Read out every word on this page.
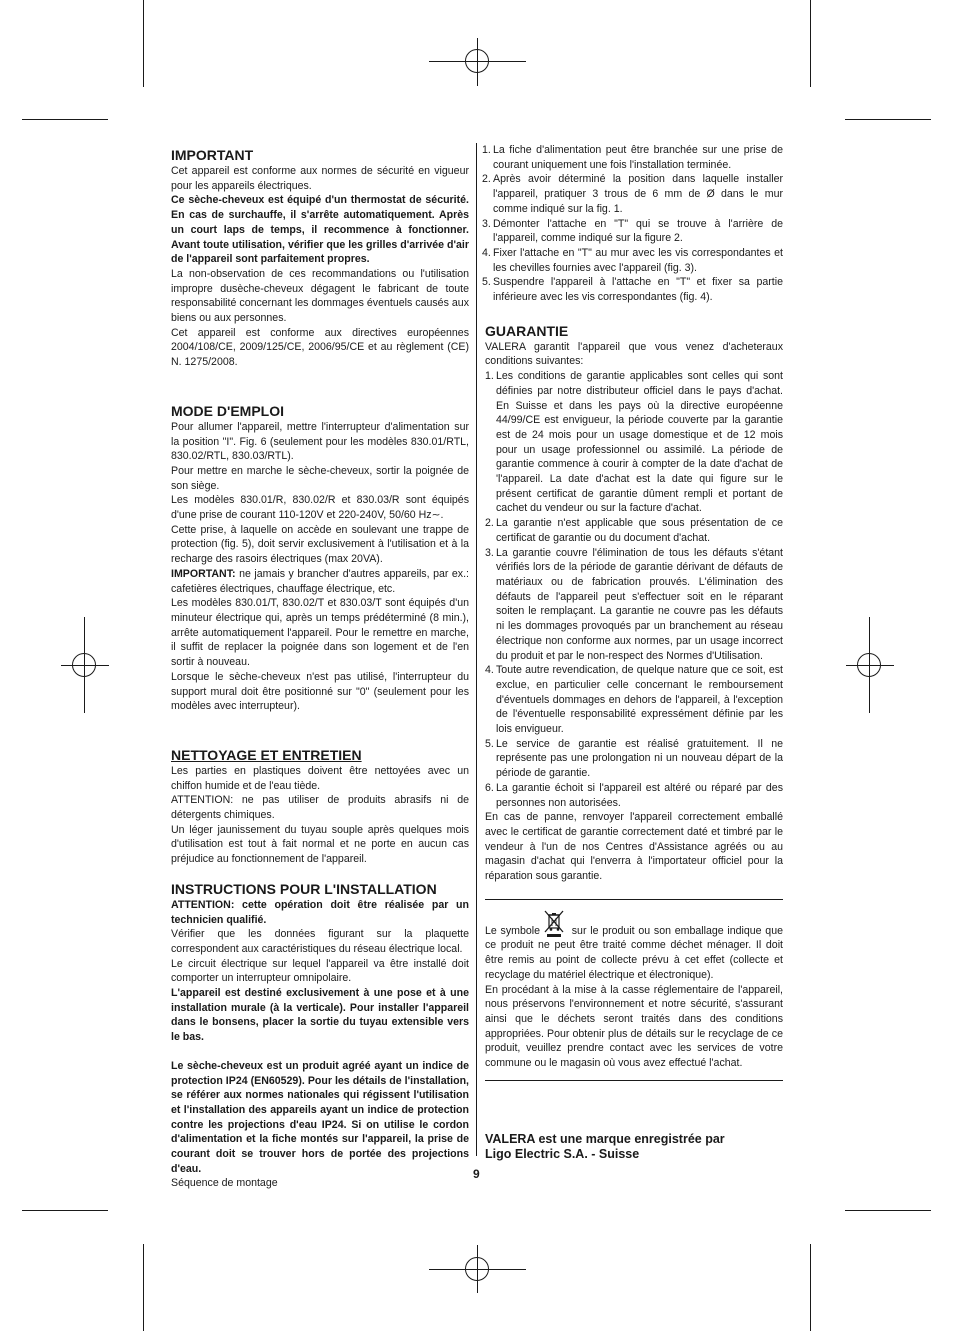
IMPORTANT
Cet appareil est conforme aux normes de sécurité en vigueur pour les appareils électriques.
Ce sèche-cheveux est équipé d'un thermostat de sécurité. En cas de surchauffe, il s'arrête automatiquement. Après un court laps de temps, il recommence à fonctionner. Avant toute utilisation, vérifier que les grilles d'arrivée d'air de l'appareil sont parfaitement propres.
La non-observation de ces recommandations ou l'utilisation impropre dusèche-cheveux dégagent le fabricant de toute responsabilité concernant les dommages éventuels causés aux biens ou aux personnes.
Cet appareil est conforme aux directives européennes 2004/108/CE, 2009/125/CE, 2006/95/CE et au règlement (CE) N. 1275/2008.
MODE D'EMPLOI
Pour allumer l'appareil, mettre l'interrupteur d'alimentation sur la position "I". Fig. 6 (seulement pour les modèles 830.01/RTL, 830.02/RTL, 830.03/RTL).
Pour mettre en marche le sèche-cheveux, sortir la poignée de son siège.
Les modèles 830.01/R, 830.02/R et 830.03/R sont équipés d'une prise de courant 110-120V et 220-240V, 50/60 Hz∼.
Cette prise, à laquelle on accède en soulevant une trappe de protection (fig. 5), doit servir exclusivement à l'utilisation et à la recharge des rasoirs électriques (max 20VA).
IMPORTANT: ne jamais y brancher d'autres appareils, par ex.: cafetières électriques, chauffage électrique, etc.
Les modèles 830.01/T, 830.02/T et 830.03/T sont équipés d'un minuteur électrique qui, après un temps prédéterminé (8 min.), arrête automatiquement l'appareil. Pour le remettre en marche, il suffit de replacer la poignée dans son logement et de l'en sortir à nouveau.
Lorsque le sèche-cheveux n'est pas utilisé, l'interrupteur du support mural doit être positionné sur "0" (seulement pour les modèles avec interrupteur).
NETTOYAGE ET ENTRETIEN
Les parties en plastiques doivent être nettoyées avec un chiffon humide et de l'eau tiède.
ATTENTION: ne pas utiliser de produits abrasifs ni de détergents chimiques.
Un léger jaunissement du tuyau souple après quelques mois d'utilisation est tout à fait normal et ne porte en aucun cas préjudice au fonctionnement de l'appareil.
INSTRUCTIONS POUR L'INSTALLATION
ATTENTION: cette opération doit être réalisée par un technicien qualifié.
Vérifier que les données figurant sur la plaquette correspondent aux caractéristiques du réseau électrique local.
Le circuit électrique sur lequel l'appareil va être installé doit comporter un interrupteur omnipolaire.
L'appareil est destiné exclusivement à une pose et à une installation murale (à la verticale). Pour installer l'appareil dans le bonsens, placer la sortie du tuyau extensible vers le bas.
Le sèche-cheveux est un produit agréé ayant un indice de protection IP24 (EN60529). Pour les détails de l'installation, se référer aux normes nationales qui régissent l'utilisation et l'installation des appareils ayant un indice de protection contre les projections d'eau IP24. Si on utilise le cordon d'alimentation et la fiche montés sur l'appareil, la prise de courant doit se trouver hors de portée des projections d'eau.
Séquence de montage
1. La fiche d'alimentation peut être branchée sur une prise de courant uniquement une fois l'installation terminée.
2. Après avoir déterminé la position dans laquelle installer l'appareil, pratiquer 3 trous de 6 mm de Ø dans le mur comme indiqué sur la fig. 1.
3. Démonter l'attache en "T" qui se trouve à l'arrière de l'appareil, comme indiqué sur la figure 2.
4. Fixer l'attache en "T" au mur avec les vis correspondantes et les chevilles fournies avec l'appareil (fig. 3).
5. Suspendre l'appareil à l'attache en "T" et fixer sa partie inférieure avec les vis correspondantes (fig. 4).
GUARANTIE
VALERA garantit l'appareil que vous venez d'acheteraux conditions suivantes:
1. Les conditions de garantie applicables sont celles qui sont définies par notre distributeur officiel dans le pays d'achat. En Suisse et dans les pays où la directive européenne 44/99/CE est envigueur, la période couverte par la garantie est de 24 mois pour un usage domestique et de 12 mois pour un usage professionnel ou assimilé. La période de garantie commence à courir à compter de la date d'achat de 'l'appareil. La date d'achat est la date qui figure sur le présent certificat de garantie dûment rempli et portant de cachet du vendeur ou sur la facture d'achat.
2. La garantie n'est applicable que sous présentation de ce certificat de garantie ou du document d'achat.
3. La garantie couvre l'élimination de tous les défauts s'étant vérifiés lors de la période de garantie dérivant de défauts de matériaux ou de fabrication prouvés. L'élimination des défauts de l'appareil peut s'effectuer soit en le réparant soiten le remplaçant. La garantie ne couvre pas les défauts ni les dommages provoqués par un branchement au réseau électrique non conforme aux normes, par un usage incorrect du produit et par le non-respect des Normes d'Utilisation.
4. Toute autre revendication, de quelque nature que ce soit, est exclue, en particulier celle concernant le remboursement d'éventuels dommages en dehors de l'appareil, à l'exception de l'éventuelle responsabilité expressément définie par les lois envigueur.
5. Le service de garantie est réalisé gratuitement. Il ne représente pas une prolongation ni un nouveau départ de la période de garantie.
6. La garantie échoit si l'appareil est altéré ou réparé par des personnes non autorisées.
En cas de panne, renvoyer l'appareil correctement emballé avec le certificat de garantie correctement daté et timbré par le vendeur à l'un de nos Centres d'Assistance agréés ou au magasin d'achat qui l'enverra à l'importateur officiel pour la réparation sous garantie.
Le symbole	sur le produit ou son emballage indique que ce produit ne peut être traité comme déchet ménager. Il doit être remis au point de collecte prévu à cet effet (collecte et recyclage du matériel électrique et électronique).
En procédant à la mise à la casse réglementaire de l'appareil, nous préservons l'environnement et notre sécurité, s'assurant ainsi que le déchets seront traités dans des conditions appropriées. Pour obtenir plus de détails sur le recyclage de ce produit, veuillez prendre contact avec les services de votre commune ou le magasin où vous avez effectué l'achat.
VALERA est une marque enregistrée par
Ligo Electric S.A. - Suisse
9
